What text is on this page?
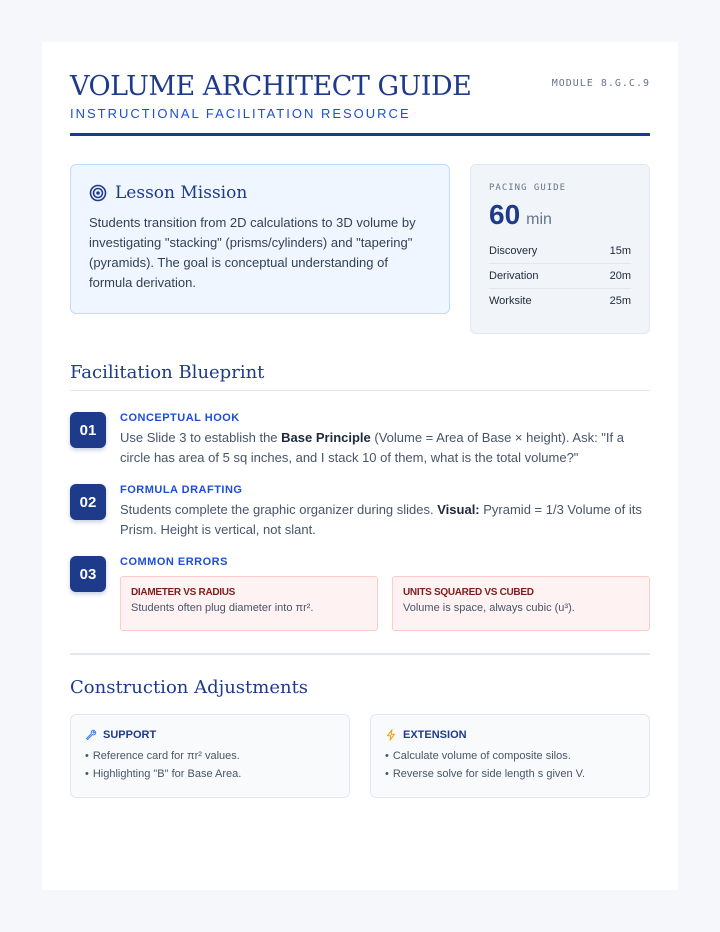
VOLUME ARCHITECT GUIDE
INSTRUCTIONAL FACILITATION RESOURCE
MODULE 8.G.C.9
Lesson Mission
Students transition from 2D calculations to 3D volume by investigating "stacking" (prisms/cylinders) and "tapering" (pyramids). The goal is conceptual understanding of formula derivation.
PACING GUIDE
60 min
Discovery	15m
Derivation	20m
Worksite	25m
Facilitation Blueprint
01
CONCEPTUAL HOOK
Use Slide 3 to establish the Base Principle (Volume = Area of Base × height). Ask: "If a circle has area of 5 sq inches, and I stack 10 of them, what is the total volume?"
02
FORMULA DRAFTING
Students complete the graphic organizer during slides. Visual: Pyramid = 1/3 Volume of its Prism. Height is vertical, not slant.
03
COMMON ERRORS
DIAMETER VS RADIUS
Students often plug diameter into πr².
UNITS SQUARED VS CUBED
Volume is space, always cubic (u³).
Construction Adjustments
SUPPORT
• Reference card for πr² values.
• Highlighting "B" for Base Area.
EXTENSION
• Calculate volume of composite silos.
• Reverse solve for side length s given V.
